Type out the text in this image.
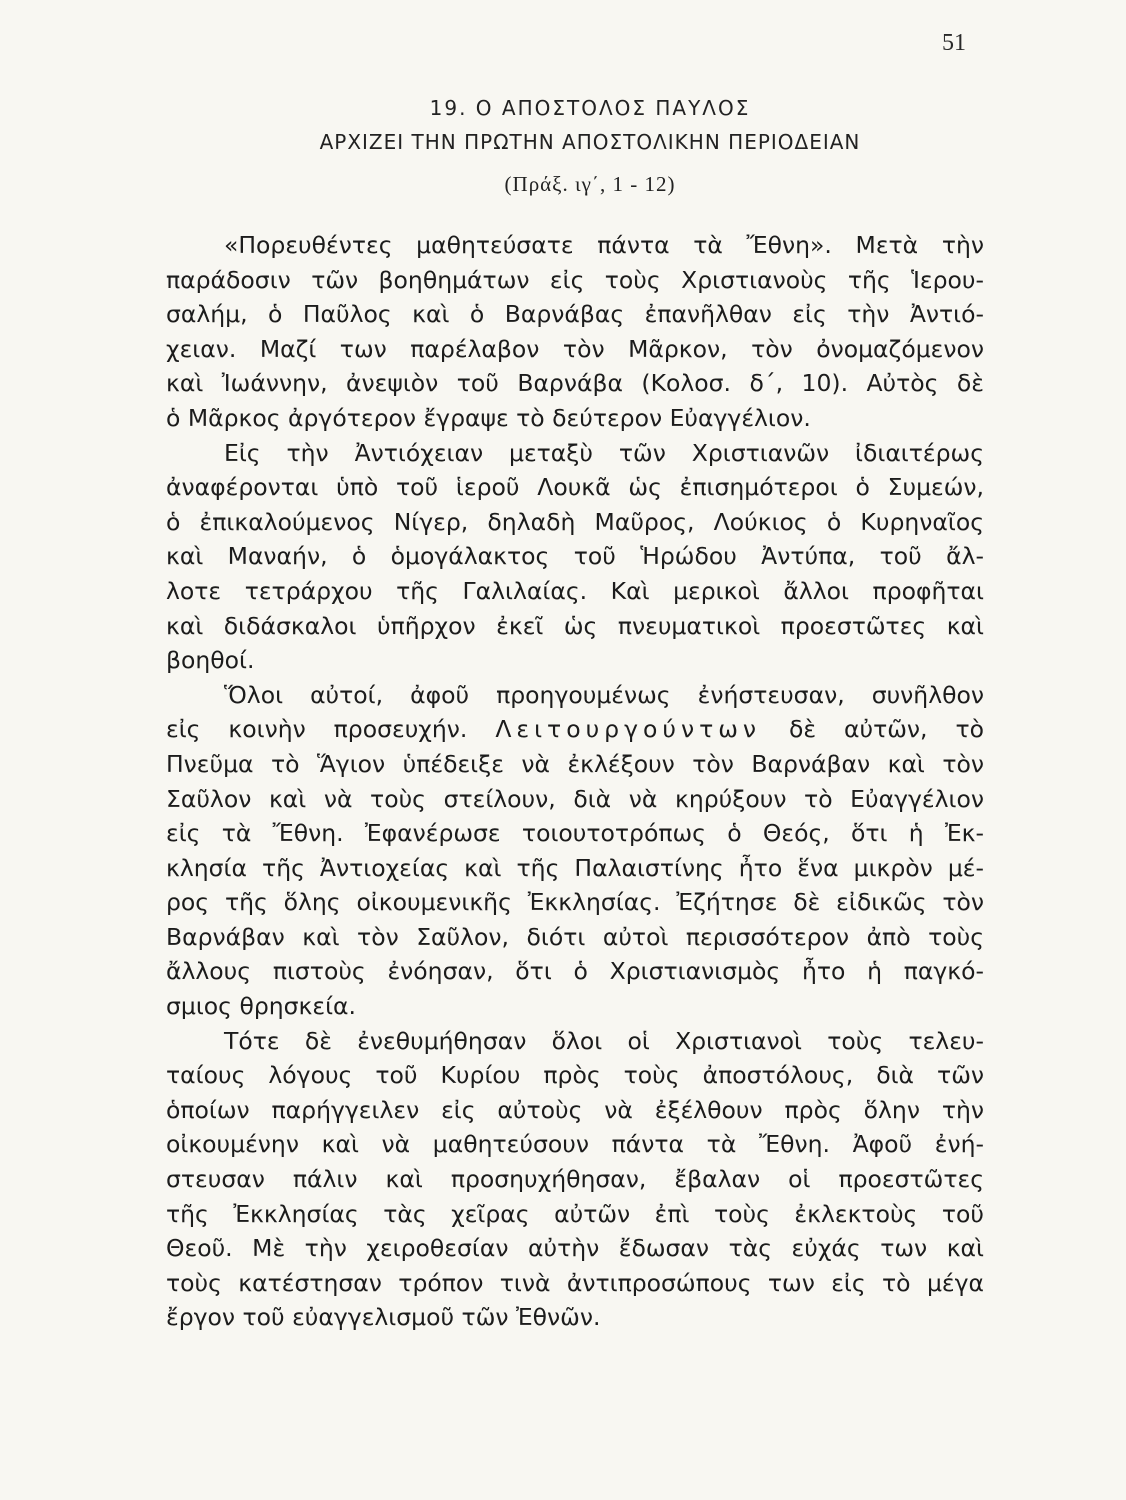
51
19. Ο ΑΠΟΣΤΟΛΟΣ ΠΑΥΛΟΣ
ΑΡΧΙΖΕΙ ΤΗΝ ΠΡΩΤΗΝ ΑΠΟΣΤΟΛΙΚΗΝ ΠΕΡΙΟΔΕΙΑΝ
(Πράξ. ιγ΄, 1 - 12)
«Πορευθέντες μαθητεύσατε πάντα τὰ Ἔθνη». Μετὰ τὴν
παράδοσιν τῶν βοηθημάτων εἰς τοὺς Χριστιανοὺς τῆς Ἱερου-
σαλήμ, ὁ Παῦλος καὶ ὁ Βαρνάβας ἐπανῆλθαν εἰς τὴν Ἀντιό-
χειαν. Μαζί των παρέλαβον τὸν Μᾶρκον, τὸν ὀνομαζόμενον
καὶ Ἰωάννην, ἀνεψιὸν τοῦ Βαρνάβα (Κολοσ. δ΄, 10). Αὐτὸς δὲ
ὁ Μᾶρκος ἀργότερον ἔγραψε τὸ δεύτερον Εὐαγγέλιον.
Εἰς τὴν Ἀντιόχειαν μεταξὺ τῶν Χριστιανῶν ἰδιαιτέρως
ἀναφέρονται ὑπὸ τοῦ ἱεροῦ Λουκᾶ ὡς ἐπισημότεροι ὁ Συμεών,
ὁ ἐπικαλούμενος Νίγερ, δηλαδὴ Μαῦρος, Λούκιος ὁ Κυρηναῖος
καὶ Μαναήν, ὁ ὁμογάλακτος τοῦ Ἡρώδου Ἀντύπα, τοῦ ἄλ-
λοτε τετράρχου τῆς Γαλιλαίας. Καὶ μερικοὶ ἄλλοι προφῆται
καὶ διδάσκαλοι ὑπῆρχον ἐκεῖ ὡς πνευματικοὶ προεστῶτες καὶ
βοηθοί.
Ὅλοι αὐτοί, ἀφοῦ προηγουμένως ἐνήστευσαν, συνῆλθον
εἰς κοινὴν προσευχήν. Λειτουργούντων δὲ αὐτῶν, τὸ
Πνεῦμα τὸ Ἅγιον ὑπέδειξε νὰ ἐκλέξουν τὸν Βαρνάβαν καὶ τὸν
Σαῦλον καὶ νὰ τοὺς στείλουν, διὰ νὰ κηρύξουν τὸ Εὐαγγέλιον
εἰς τὰ Ἔθνη. Ἐφανέρωσε τοιουτοτρόπως ὁ Θεός, ὅτι ἡ Ἐκ-
κλησία τῆς Ἀντιοχείας καὶ τῆς Παλαιστίνης ἦτο ἕνα μικρὸν μέ-
ρος τῆς ὅλης οἰκουμενικῆς Ἐκκλησίας. Ἐζήτησε δὲ εἰδικῶς τὸν
Βαρνάβαν καὶ τὸν Σαῦλον, διότι αὐτοὶ περισσότερον ἀπὸ τοὺς
ἄλλους πιστοὺς ἐνόησαν, ὅτι ὁ Χριστιανισμὸς ἦτο ἡ παγκό-
σμιος θρησκεία.
Τότε δὲ ἐνεθυμήθησαν ὅλοι οἱ Χριστιανοὶ τοὺς τελευ-
ταίους λόγους τοῦ Κυρίου πρὸς τοὺς ἀποστόλους, διὰ τῶν
ὁποίων παρήγγειλεν εἰς αὐτοὺς νὰ ἐξέλθουν πρὸς ὅλην τὴν
οἰκουμένην καὶ νὰ μαθητεύσουν πάντα τὰ Ἔθνη. Ἀφοῦ ἐνή-
στευσαν πάλιν καὶ προσηυχήθησαν, ἔβαλαν οἱ προεστῶτες
τῆς Ἐκκλησίας τὰς χεῖρας αὐτῶν ἐπὶ τοὺς ἐκλεκτοὺς τοῦ
Θεοῦ. Μὲ τὴν χειροθεσίαν αὐτὴν ἔδωσαν τὰς εὐχάς των καὶ
τοὺς κατέστησαν τρόπον τινὰ ἀντιπροσώπους των εἰς τὸ μέγα
ἔργον τοῦ εὐαγγελισμοῦ τῶν Ἐθνῶν.
